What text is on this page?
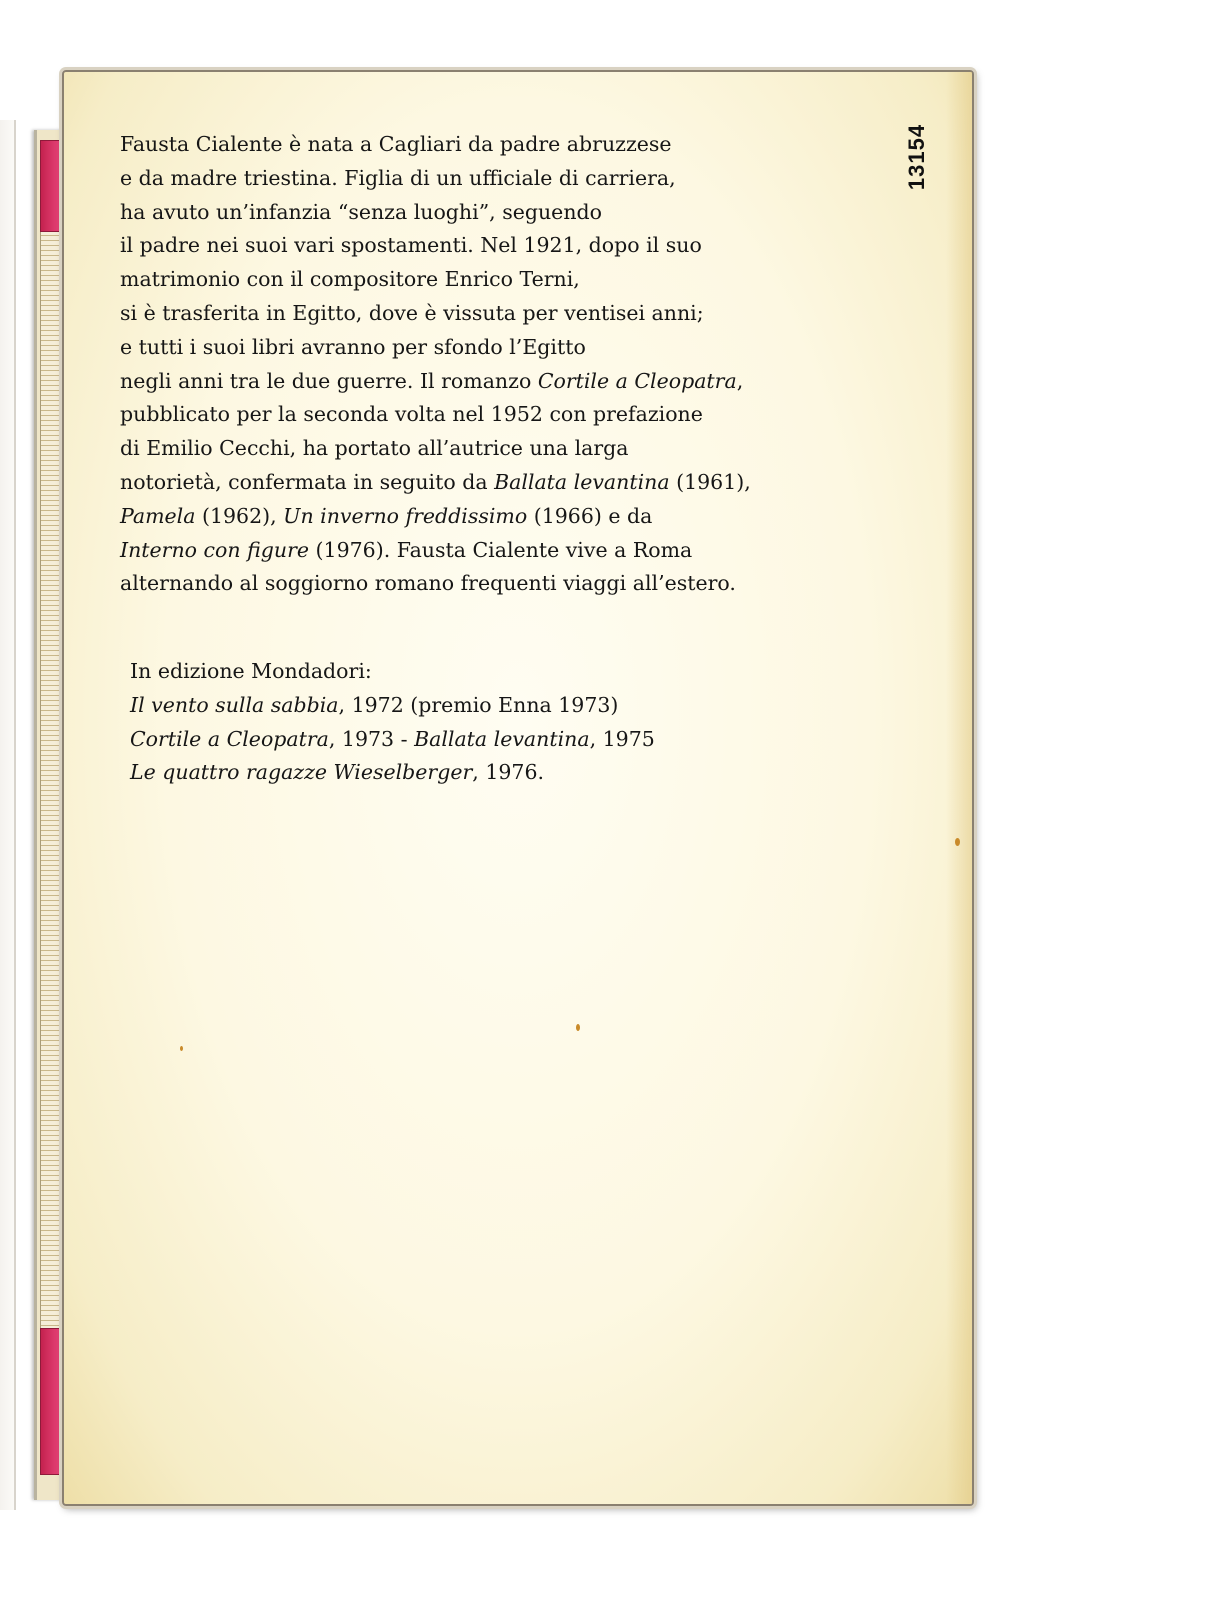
13154

Fausta Cialente è nata a Cagliari da padre abruzzese
e da madre triestina. Figlia di un ufficiale di carriera,
ha avuto un’infanzia “senza luoghi”, seguendo
il padre nei suoi vari spostamenti. Nel 1921, dopo il suo
matrimonio con il compositore Enrico Terni,
si è trasferita in Egitto, dove è vissuta per ventisei anni;
e tutti i suoi libri avranno per sfondo l’Egitto
negli anni tra le due guerre. Il romanzo Cortile a Cleopatra,
pubblicato per la seconda volta nel 1952 con prefazione
di Emilio Cecchi, ha portato all’autrice una larga
notorietà, confermata in seguito da Ballata levantina (1961),
Pamela (1962), Un inverno freddissimo (1966) e da
Interno con figure (1976). Fausta Cialente vive a Roma
alternando al soggiorno romano frequenti viaggi all’estero.

In edizione Mondadori:
Il vento sulla sabbia, 1972 (premio Enna 1973)
Cortile a Cleopatra, 1973 - Ballata levantina, 1975
Le quattro ragazze Wieselberger, 1976.
